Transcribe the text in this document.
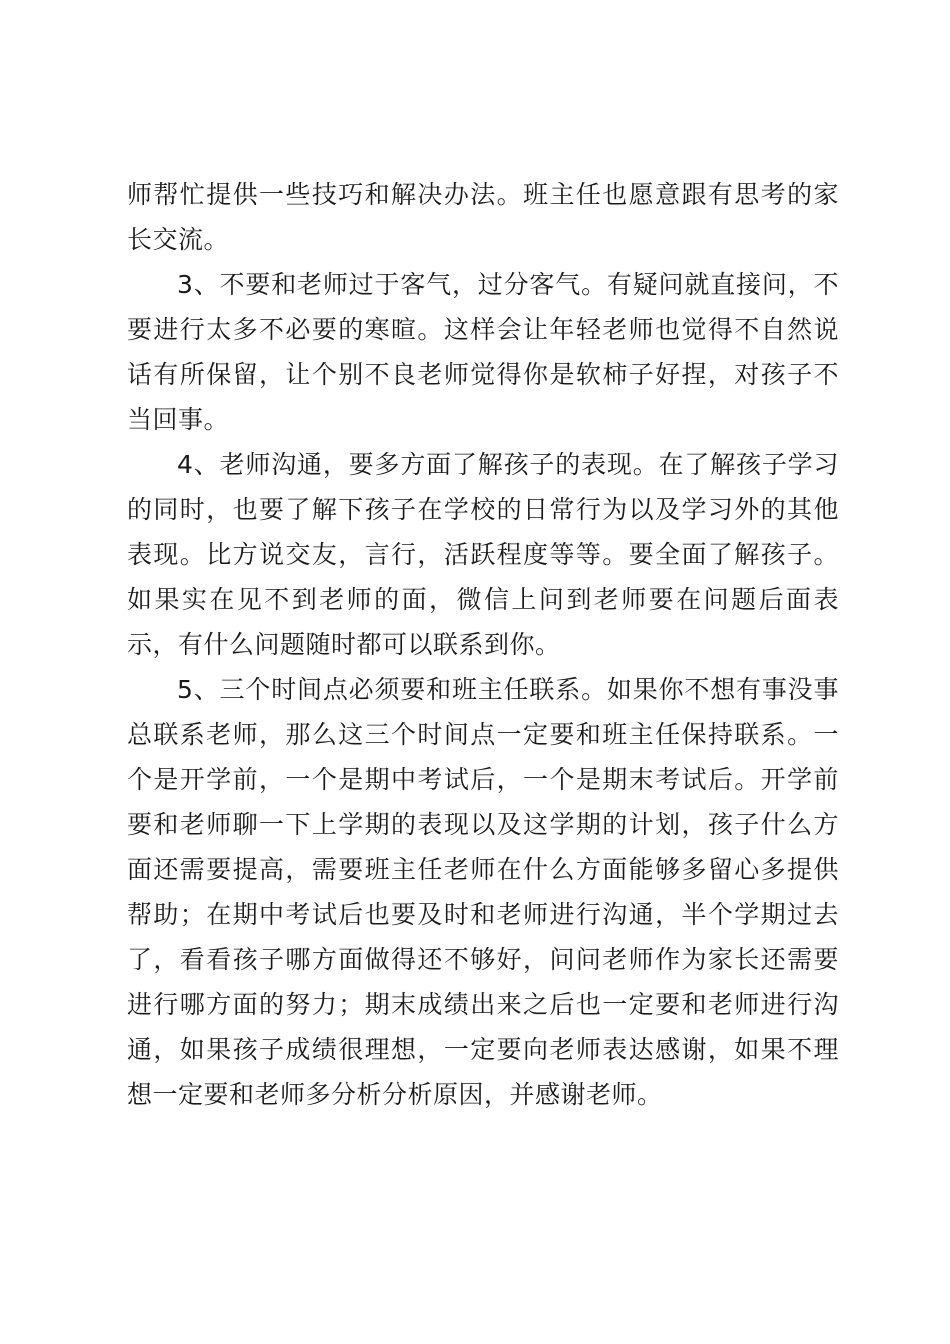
师帮忙提供一些技巧和解决办法。班主任也愿意跟有思考的家长交流。

3、不要和老师过于客气，过分客气。有疑问就直接问，不要进行太多不必要的寒暄。这样会让年轻老师也觉得不自然说话有所保留，让个别不良老师觉得你是软柿子好捏，对孩子不当回事。

4、老师沟通，要多方面了解孩子的表现。在了解孩子学习的同时，也要了解下孩子在学校的日常行为以及学习外的其他表现。比方说交友，言行，活跃程度等等。要全面了解孩子。如果实在见不到老师的面，微信上问到老师要在问题后面表示，有什么问题随时都可以联系到你。

5、三个时间点必须要和班主任联系。如果你不想有事没事总联系老师，那么这三个时间点一定要和班主任保持联系。一个是开学前，一个是期中考试后，一个是期末考试后。开学前要和老师聊一下上学期的表现以及这学期的计划，孩子什么方面还需要提高，需要班主任老师在什么方面能够多留心多提供帮助；在期中考试后也要及时和老师进行沟通，半个学期过去了，看看孩子哪方面做得还不够好，问问老师作为家长还需要进行哪方面的努力；期末成绩出来之后也一定要和老师进行沟通，如果孩子成绩很理想，一定要向老师表达感谢，如果不理想一定要和老师多分析分析原因，并感谢老师。
